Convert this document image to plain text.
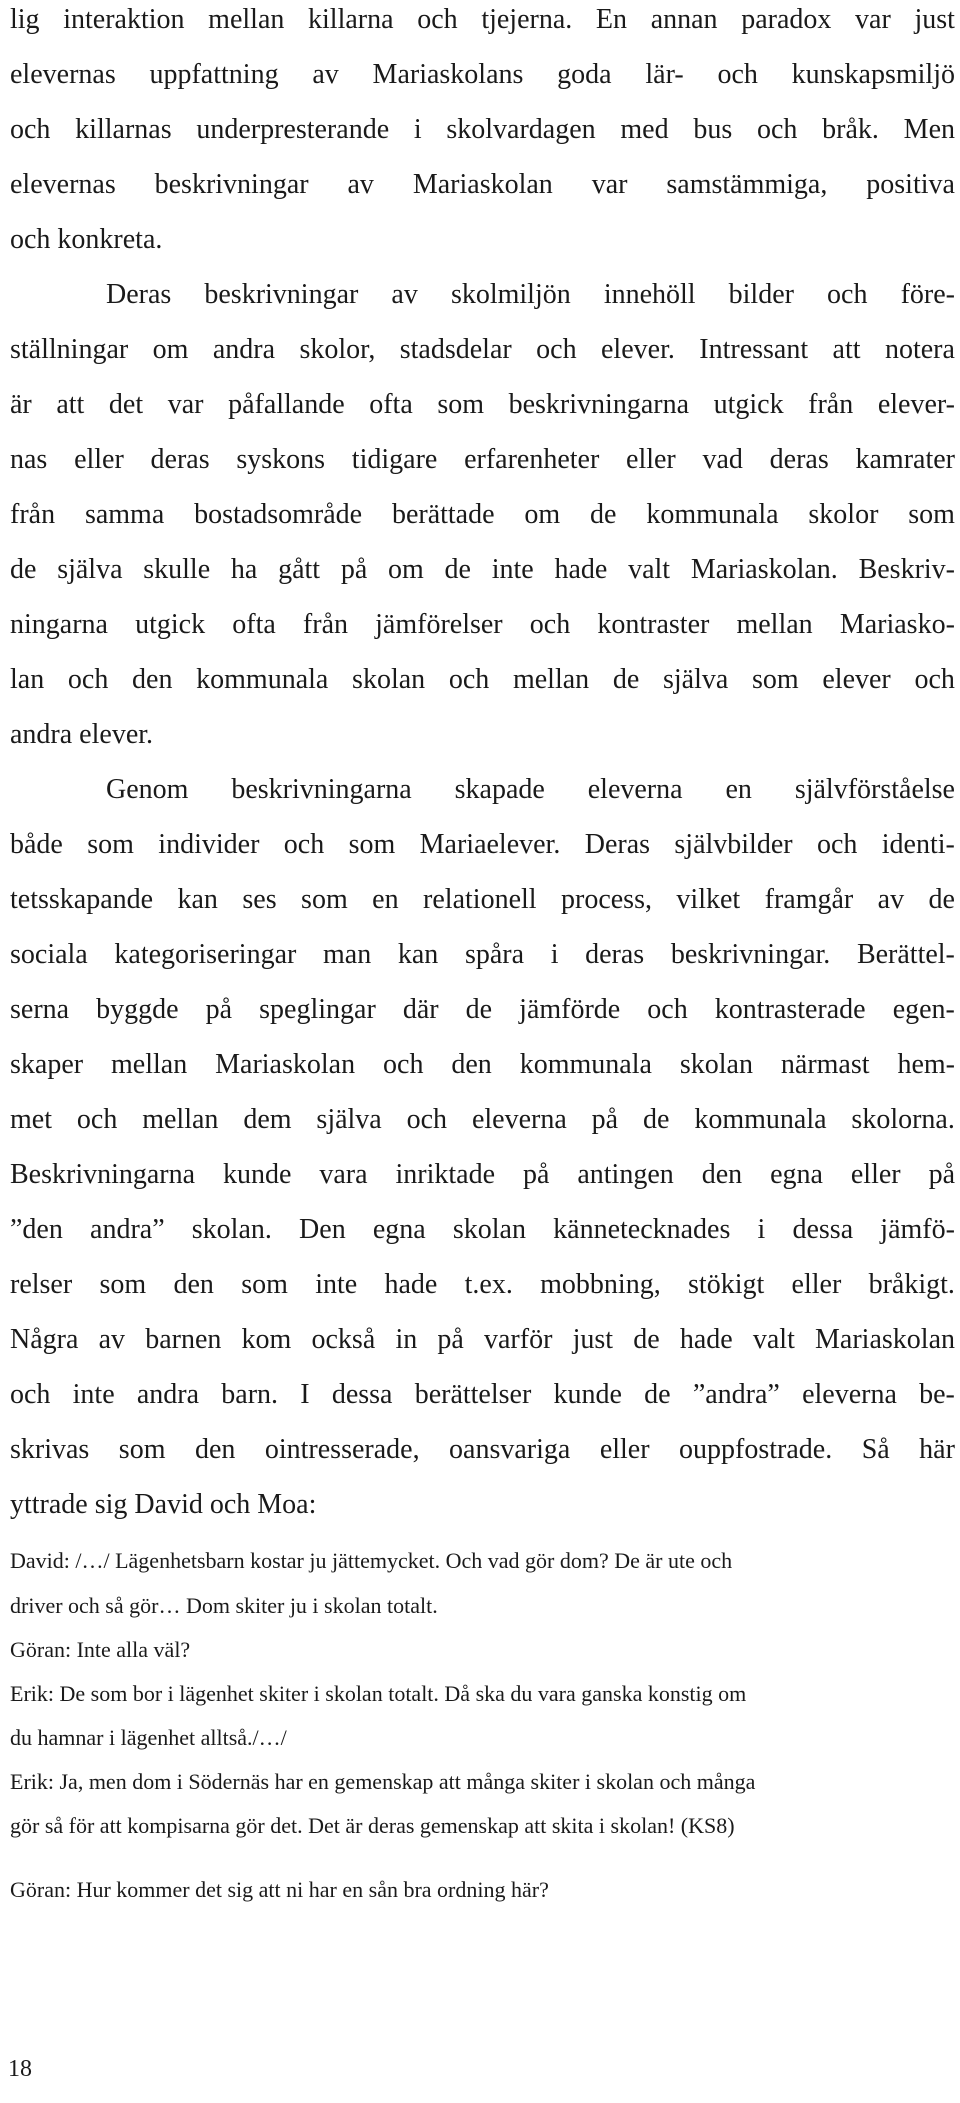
lig interaktion mellan killarna och tjejerna. En annan paradox var just
elevernas uppfattning av Mariaskolans goda lär- och kunskapsmiljö
och killarnas underpresterande i skolvardagen med bus och bråk. Men
elevernas beskrivningar av Mariaskolan var samstämmiga, positiva
och konkreta.
Deras beskrivningar av skolmiljön innehöll bilder och före-
ställningar om andra skolor, stadsdelar och elever. Intressant att notera
är att det var påfallande ofta som beskrivningarna utgick från elever-
nas eller deras syskons tidigare erfarenheter eller vad deras kamrater
från samma bostadsområde berättade om de kommunala skolor som
de själva skulle ha gått på om de inte hade valt Mariaskolan. Beskriv-
ningarna utgick ofta från jämförelser och kontraster mellan Mariasko-
lan och den kommunala skolan och mellan de själva som elever och
andra elever.
Genom beskrivningarna skapade eleverna en självförståelse
både som individer och som Mariaelever. Deras självbilder och identi-
tetsskapande kan ses som en relationell process, vilket framgår av de
sociala kategoriseringar man kan spåra i deras beskrivningar. Berättel-
serna byggde på speglingar där de jämförde och kontrasterade egen-
skaper mellan Mariaskolan och den kommunala skolan närmast hem-
met och mellan dem själva och eleverna på de kommunala skolorna.
Beskrivningarna kunde vara inriktade på antingen den egna eller på
”den andra” skolan. Den egna skolan kännetecknades i dessa jämfö-
relser som den som inte hade t.ex. mobbning, stökigt eller bråkigt.
Några av barnen kom också in på varför just de hade valt Mariaskolan
och inte andra barn. I dessa berättelser kunde de ”andra” eleverna be-
skrivas som den ointresserade, oansvariga eller ouppfostrade. Så här
yttrade sig David och Moa:
David: /…/ Lägenhetsbarn kostar ju jättemycket. Och vad gör dom? De är ute och
driver och så gör… Dom skiter ju i skolan totalt.
Göran: Inte alla väl?
Erik: De som bor i lägenhet skiter i skolan totalt. Då ska du vara ganska konstig om
du hamnar i lägenhet alltså./…/
Erik: Ja, men dom i Södernäs har en gemenskap att många skiter i skolan och många
gör så för att kompisarna gör det. Det är deras gemenskap att skita i skolan! (KS8)
Göran: Hur kommer det sig att ni har en sån bra ordning här?
18
